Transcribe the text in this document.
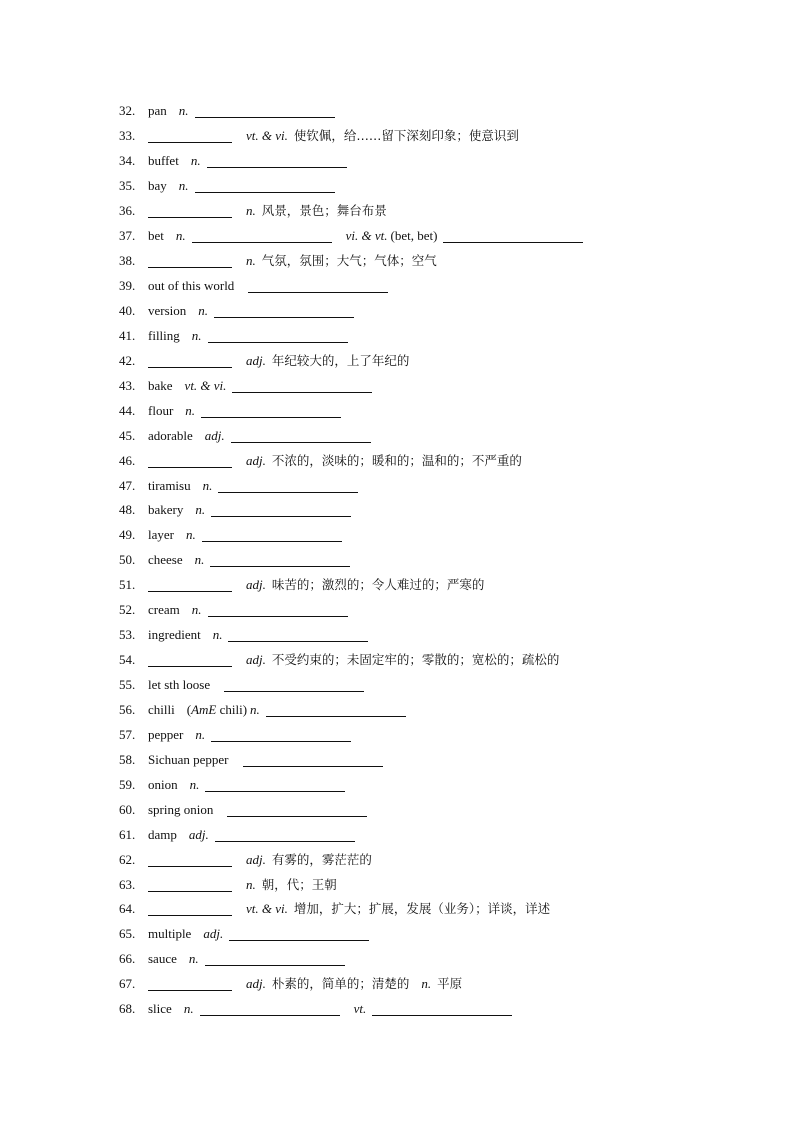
32. pan n.
33.	vt. & vi. 使钦佩，给……留下深刻印象；使意识到
34. buffet n.
35. bay n.
36.	n. 风景，景色；舞台布景
37. bet n.	vi. & vt. (bet, bet)
38.	n. 气氛，氛围；大气；气体；空气
39. out of this world
40. version n.
41. filling n.
42.	adj. 年纪较大的，上了年纪的
43. bake vt. & vi.
44. flour n.
45. adorable adj.
46.	adj. 不浓的，淡味的；暖和的；温和的；不严重的
47. tiramisu n.
48. bakery n.
49. layer n.
50. cheese n.
51.	adj. 味苦的；激烈的；令人难过的；严寒的
52. cream n.
53. ingredient n.
54.	adj. 不受约束的；未固定牢的；零散的；宽松的；疏松的
55. let sth loose
56. chilli (AmE chili) n.
57. pepper n.
58. Sichuan pepper
59. onion n.
60. spring onion
61. damp adj.
62.	adj. 有雾的，雾茫茫的
63.	n. 朝，代；王朝
64.	vt. & vi. 增加，扩大；扩展，发展（业务）；详谈，详述
65. multiple adj.
66. sauce n.
67.	adj. 朴素的，简单的；清楚的 n. 平原
68. slice n.	vt.
